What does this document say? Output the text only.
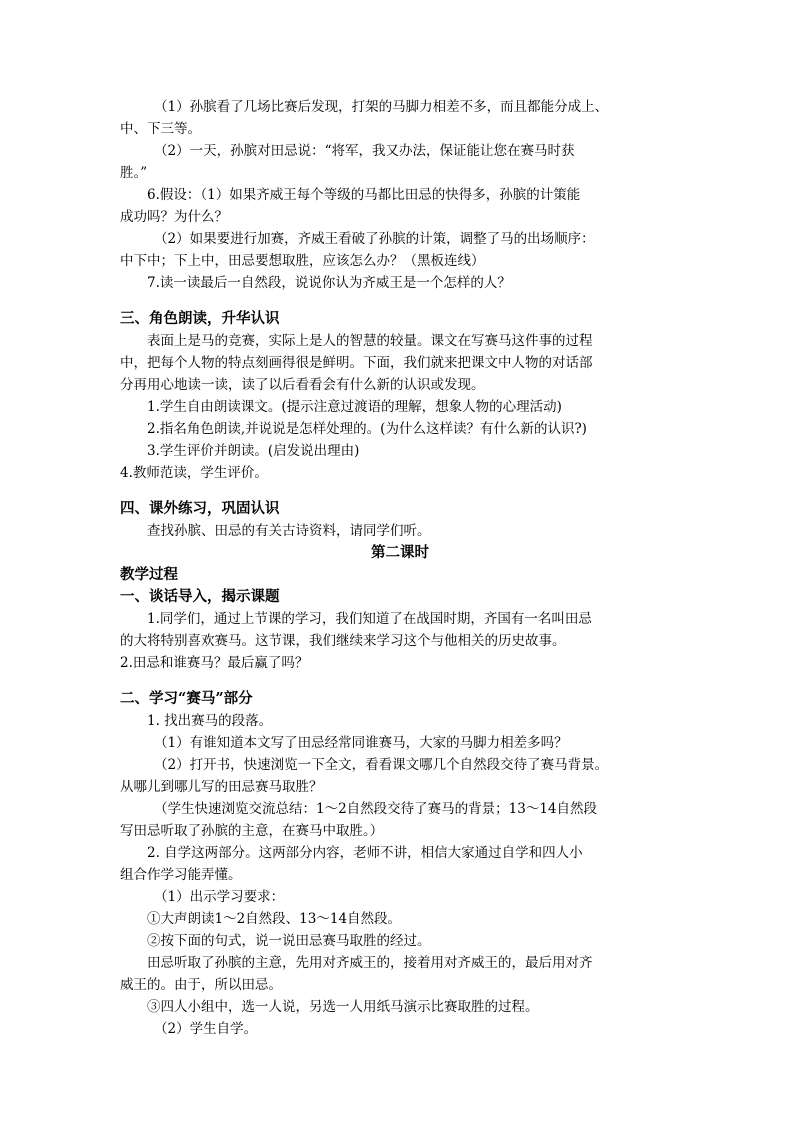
（1）孙膑看了几场比赛后发现，打架的马脚力相差不多，而且都能分成上、
中、下三等。
（2）一天，孙膑对田忌说：“将军，我又办法，保证能让您在赛马时获
胜。”
6.假设：（1）如果齐威王每个等级的马都比田忌的快得多，孙膑的计策能
成功吗？为什么？
（2）如果要进行加赛，齐威王看破了孙膑的计策，调整了马的出场顺序：
中下中；下上中，田忌要想取胜，应该怎么办？（黑板连线）
7.读一读最后一自然段，说说你认为齐威王是一个怎样的人？
三、角色朗读，升华认识
表面上是马的竞赛，实际上是人的智慧的较量。课文在写赛马这件事的过程
中，把每个人物的特点刻画得很是鲜明。下面，我们就来把课文中人物的对话部
分再用心地读一读，读了以后看看会有什么新的认识或发现。
1.学生自由朗读课文。(提示注意过渡语的理解，想象人物的心理活动)
2.指名角色朗读,并说说是怎样处理的。(为什么这样读？有什么新的认识?)
3.学生评价并朗读。(启发说出理由)
4.教师范读，学生评价。
四、课外练习，巩固认识
查找孙膑、田忌的有关古诗资料，请同学们听。
第二课时
教学过程
一、谈话导入，揭示课题
1.同学们，通过上节课的学习，我们知道了在战国时期，齐国有一名叫田忌
的大将特别喜欢赛马。这节课，我们继续来学习这个与他相关的历史故事。
2.田忌和谁赛马？最后赢了吗？
二、学习“赛马”部分
1. 找出赛马的段落。
（1）有谁知道本文写了田忌经常同谁赛马，大家的马脚力相差多吗？
（2）打开书，快速浏览一下全文，看看课文哪几个自然段交待了赛马背景。
从哪儿到哪儿写的田忌赛马取胜？
（学生快速浏览交流总结：1～2自然段交待了赛马的背景；13～14自然段
写田忌听取了孙膑的主意，在赛马中取胜。）
2. 自学这两部分。这两部分内容，老师不讲，相信大家通过自学和四人小
组合作学习能弄懂。
（1）出示学习要求：
①大声朗读1～2自然段、13～14自然段。
②按下面的句式，说一说田忌赛马取胜的经过。
田忌听取了孙膑的主意，先用对齐威王的，接着用对齐威王的，最后用对齐
威王的。由于，所以田忌。
③四人小组中，选一人说，另选一人用纸马演示比赛取胜的过程。
（2）学生自学。
